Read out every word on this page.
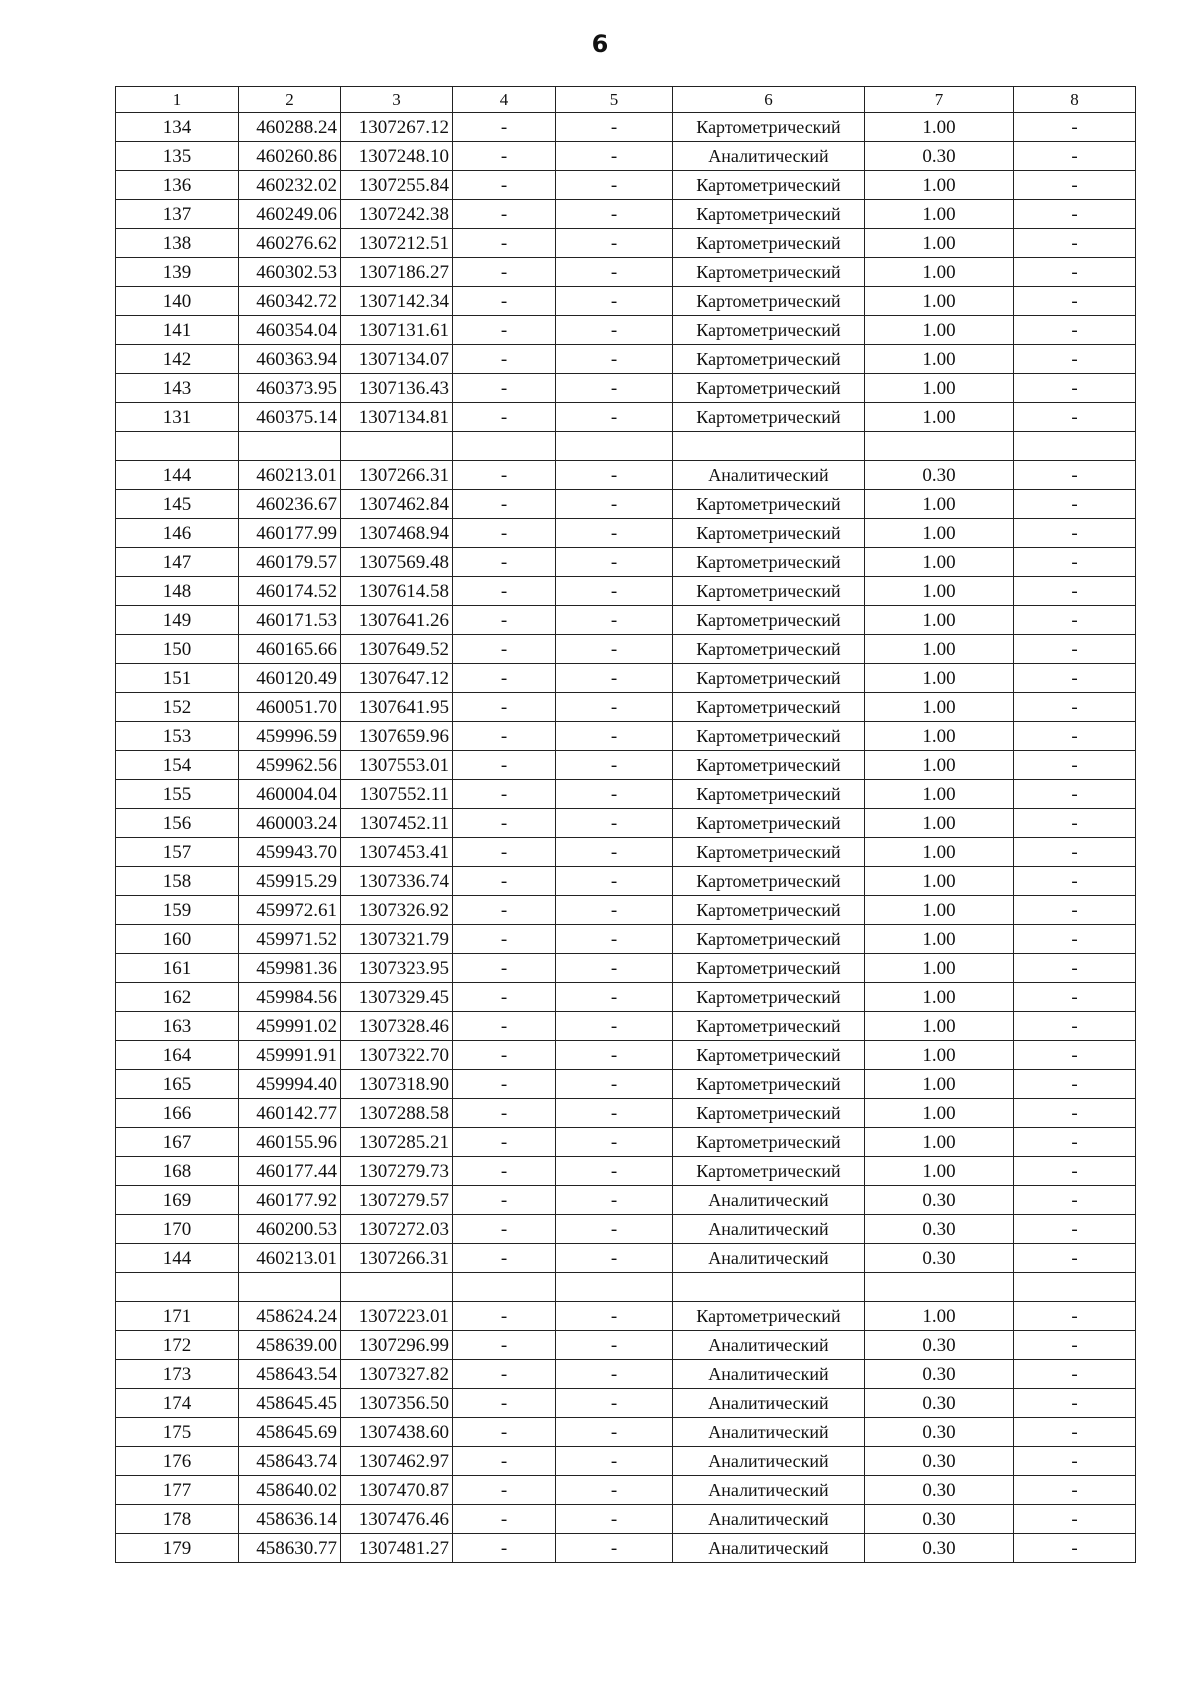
6
1	2	3	4	5	6	7	8
134	460288.24	1307267.12	-	-	Картометрический	1.00	-
135	460260.86	1307248.10	-	-	Аналитический	0.30	-
136	460232.02	1307255.84	-	-	Картометрический	1.00	-
137	460249.06	1307242.38	-	-	Картометрический	1.00	-
138	460276.62	1307212.51	-	-	Картометрический	1.00	-
139	460302.53	1307186.27	-	-	Картометрический	1.00	-
140	460342.72	1307142.34	-	-	Картометрический	1.00	-
141	460354.04	1307131.61	-	-	Картометрический	1.00	-
142	460363.94	1307134.07	-	-	Картометрический	1.00	-
143	460373.95	1307136.43	-	-	Картометрический	1.00	-
131	460375.14	1307134.81	-	-	Картометрический	1.00	-

144	460213.01	1307266.31	-	-	Аналитический	0.30	-
145	460236.67	1307462.84	-	-	Картометрический	1.00	-
146	460177.99	1307468.94	-	-	Картометрический	1.00	-
147	460179.57	1307569.48	-	-	Картометрический	1.00	-
148	460174.52	1307614.58	-	-	Картометрический	1.00	-
149	460171.53	1307641.26	-	-	Картометрический	1.00	-
150	460165.66	1307649.52	-	-	Картометрический	1.00	-
151	460120.49	1307647.12	-	-	Картометрический	1.00	-
152	460051.70	1307641.95	-	-	Картометрический	1.00	-
153	459996.59	1307659.96	-	-	Картометрический	1.00	-
154	459962.56	1307553.01	-	-	Картометрический	1.00	-
155	460004.04	1307552.11	-	-	Картометрический	1.00	-
156	460003.24	1307452.11	-	-	Картометрический	1.00	-
157	459943.70	1307453.41	-	-	Картометрический	1.00	-
158	459915.29	1307336.74	-	-	Картометрический	1.00	-
159	459972.61	1307326.92	-	-	Картометрический	1.00	-
160	459971.52	1307321.79	-	-	Картометрический	1.00	-
161	459981.36	1307323.95	-	-	Картометрический	1.00	-
162	459984.56	1307329.45	-	-	Картометрический	1.00	-
163	459991.02	1307328.46	-	-	Картометрический	1.00	-
164	459991.91	1307322.70	-	-	Картометрический	1.00	-
165	459994.40	1307318.90	-	-	Картометрический	1.00	-
166	460142.77	1307288.58	-	-	Картометрический	1.00	-
167	460155.96	1307285.21	-	-	Картометрический	1.00	-
168	460177.44	1307279.73	-	-	Картометрический	1.00	-
169	460177.92	1307279.57	-	-	Аналитический	0.30	-
170	460200.53	1307272.03	-	-	Аналитический	0.30	-
144	460213.01	1307266.31	-	-	Аналитический	0.30	-

171	458624.24	1307223.01	-	-	Картометрический	1.00	-
172	458639.00	1307296.99	-	-	Аналитический	0.30	-
173	458643.54	1307327.82	-	-	Аналитический	0.30	-
174	458645.45	1307356.50	-	-	Аналитический	0.30	-
175	458645.69	1307438.60	-	-	Аналитический	0.30	-
176	458643.74	1307462.97	-	-	Аналитический	0.30	-
177	458640.02	1307470.87	-	-	Аналитический	0.30	-
178	458636.14	1307476.46	-	-	Аналитический	0.30	-
179	458630.77	1307481.27	-	-	Аналитический	0.30	-
